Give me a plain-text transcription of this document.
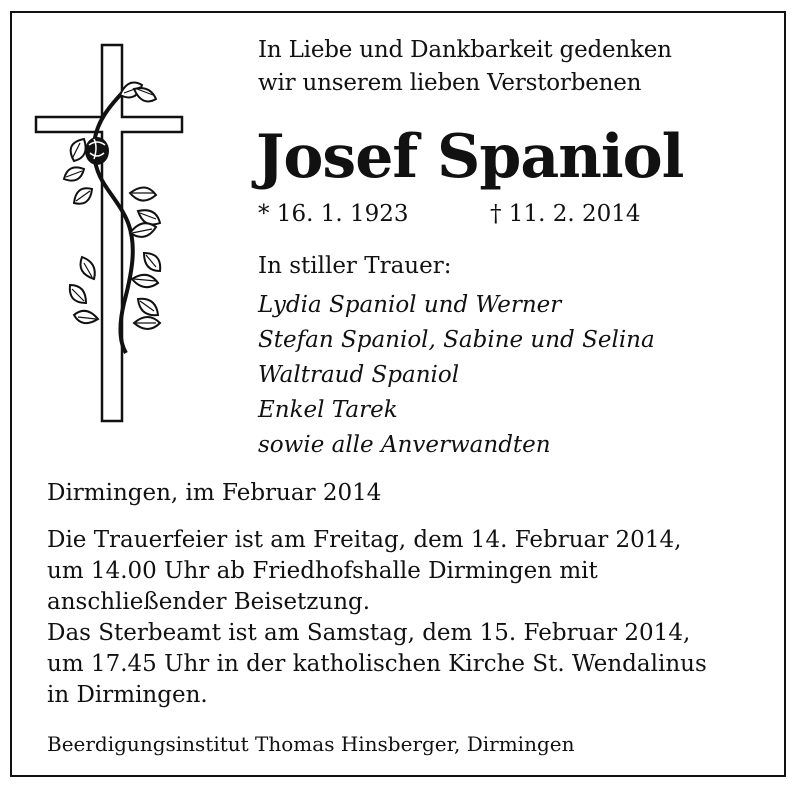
In Liebe und Dankbarkeit gedenken
wir unserem lieben Verstorbenen
Josef Spaniol
* 16. 1. 1923	† 11. 2. 2014
In stiller Trauer:
Lydia Spaniol und Werner
Stefan Spaniol, Sabine und Selina
Waltraud Spaniol
Enkel Tarek
sowie alle Anverwandten
Dirmingen, im Februar 2014

Die Trauerfeier ist am Freitag, dem 14. Februar 2014,

um 14.00 Uhr ab Friedhofshalle Dirmingen mit

anschließender Beisetzung.

Das Sterbeamt ist am Samstag, dem 15. Februar 2014,

um 17.45 Uhr in der katholischen Kirche St. Wendalinus

in Dirmingen.

Beerdigungsinstitut Thomas Hinsberger, Dirmingen
